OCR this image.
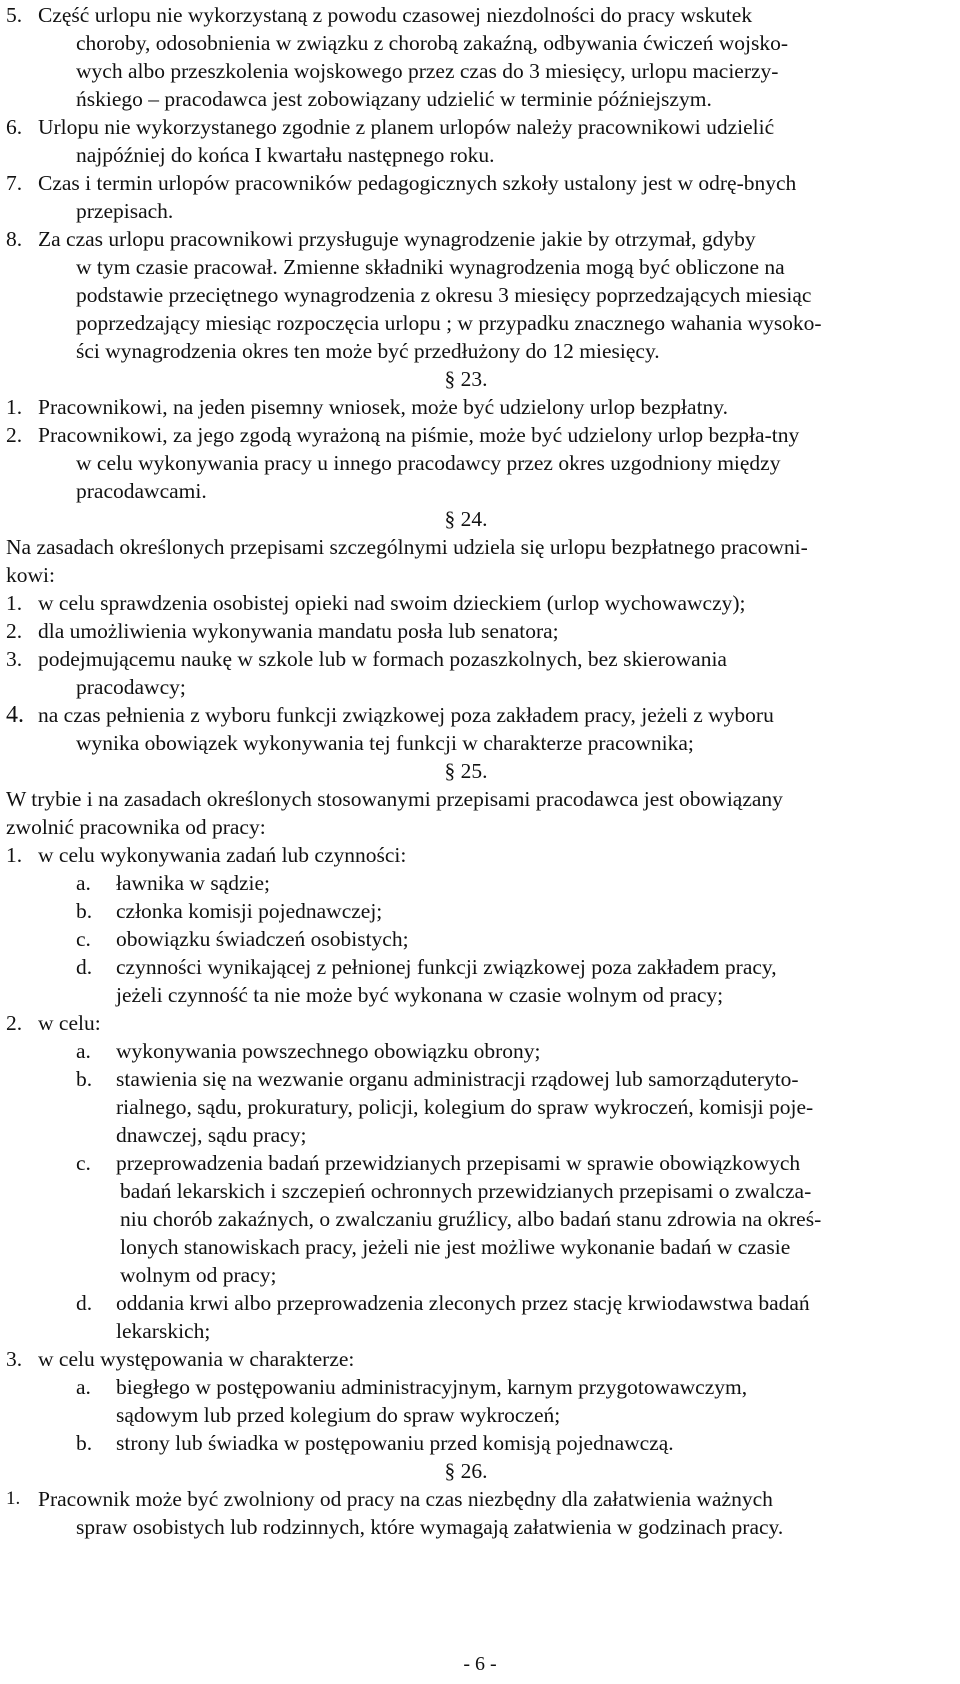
5. Część urlopu nie wykorzystaną z powodu czasowej niezdolności do pracy wskutek
choroby, odosobnienia w związku z chorobą zakaźną, odbywania ćwiczeń wojsko-
wych albo przeszkolenia wojskowego przez czas do 3 miesięcy, urlopu macierzy-
ńskiego – pracodawca jest zobowiązany udzielić w terminie późniejszym.
6. Urlopu nie wykorzystanego zgodnie z planem urlopów należy pracownikowi udzielić
najpóźniej do końca I kwartału następnego roku.
7. Czas i termin urlopów pracowników pedagogicznych szkoły ustalony jest w odrę-bnych
przepisach.
8. Za czas urlopu pracownikowi przysługuje wynagrodzenie jakie by otrzymał, gdyby
w tym czasie pracował. Zmienne składniki wynagrodzenia mogą być obliczone na
podstawie przeciętnego wynagrodzenia z okresu 3 miesięcy poprzedzających miesiąc
poprzedzający miesiąc rozpoczęcia urlopu ; w przypadku znacznego wahania wysoko-
ści wynagrodzenia okres ten może być przedłużony do 12 miesięcy.
§ 23.
1. Pracownikowi, na jeden pisemny wniosek, może być udzielony urlop bezpłatny.
2. Pracownikowi, za jego zgodą wyrażoną na piśmie, może być udzielony urlop bezpła-tny
w celu wykonywania pracy u innego pracodawcy przez okres uzgodniony między
pracodawcami.
§ 24.
Na zasadach określonych przepisami szczególnymi udziela się urlopu bezpłatnego pracowni-
kowi:
1. w celu sprawdzenia osobistej opieki nad swoim dzieckiem (urlop wychowawczy);
2. dla umożliwienia wykonywania mandatu posła lub senatora;
3. podejmującemu naukę w szkole lub w formach pozaszkolnych, bez skierowania
pracodawcy;
4. na czas pełnienia z wyboru funkcji związkowej poza zakładem pracy, jeżeli z wyboru
wynika obowiązek wykonywania tej funkcji w charakterze pracownika;
§ 25.
W trybie i na zasadach określonych stosowanymi przepisami pracodawca jest obowiązany
zwolnić pracownika od pracy:
1. w celu wykonywania zadań lub czynności:
a. ławnika w sądzie;
b. członka komisji pojednawczej;
c. obowiązku świadczeń osobistych;
d. czynności wynikającej z pełnionej funkcji związkowej poza zakładem pracy,
jeżeli czynność ta nie może być wykonana w czasie wolnym od pracy;
2. w celu:
a. wykonywania powszechnego obowiązku obrony;
b. stawienia się na wezwanie organu administracji rządowej lub samorząduteryto-
rialnego, sądu, prokuratury, policji, kolegium do spraw wykroczeń, komisji poje-
dnawczej, sądu pracy;
c. przeprowadzenia badań przewidzianych przepisami w sprawie obowiązkowych
badań lekarskich i szczepień ochronnych przewidzianych przepisami o zwalcza-
niu chorób zakaźnych, o zwalczaniu gruźlicy, albo badań stanu zdrowia na okreś-
lonych stanowiskach pracy, jeżeli nie jest możliwe wykonanie badań w czasie
wolnym od pracy;
d. oddania krwi albo przeprowadzenia zleconych przez stację krwiodawstwa badań
lekarskich;
3. w celu występowania w charakterze:
a. biegłego w postępowaniu administracyjnym, karnym przygotowawczym,
sądowym lub przed kolegium do spraw wykroczeń;
b. strony lub świadka w postępowaniu przed komisją pojednawczą.
§ 26.
1. Pracownik może być zwolniony od pracy na czas niezbędny dla załatwienia ważnych
spraw osobistych lub rodzinnych, które wymagają załatwienia w godzinach pracy.
- 6 -
